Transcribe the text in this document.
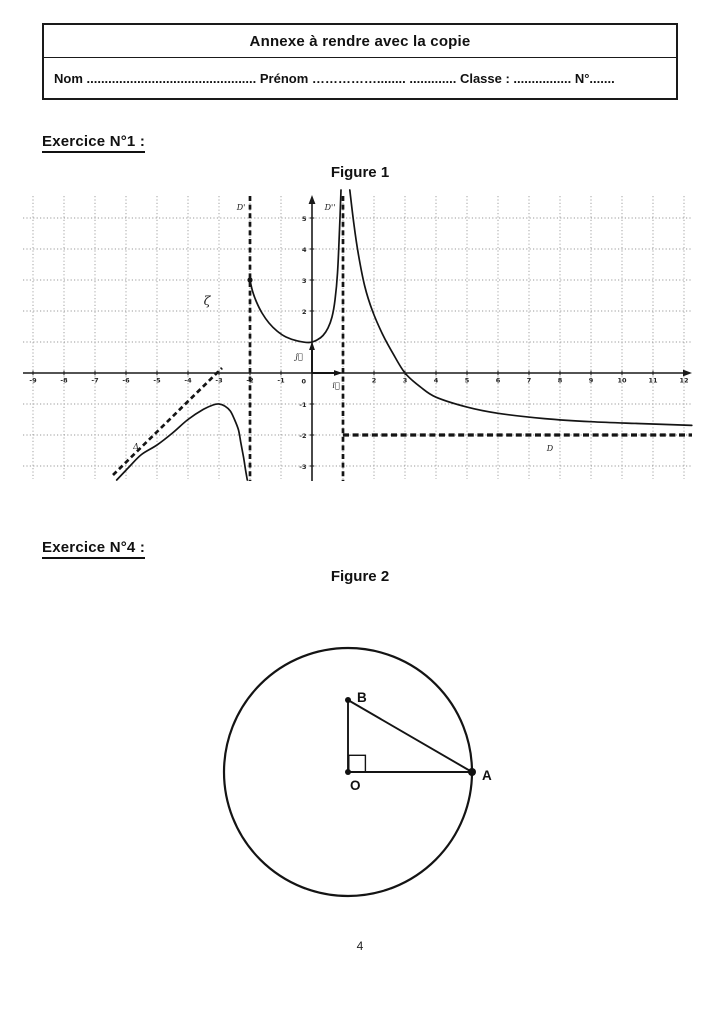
Annexe à rendre avec la copie
Nom ............................................... Prénom ……………........ ............. Classe : ................ N°.......
Exercice N°1 :
Figure 1
D'	D''
ζ
Δ	D
0	i⃗
j⃗
-9	-8	-7	-6	-5	-4	-3	-2	-1	2	3	4	5	6	7	8	9	10	11	12
5
4
3
2
-1
-2
-3
Exercice N°4 :
Figure 2
O
B
A
4
